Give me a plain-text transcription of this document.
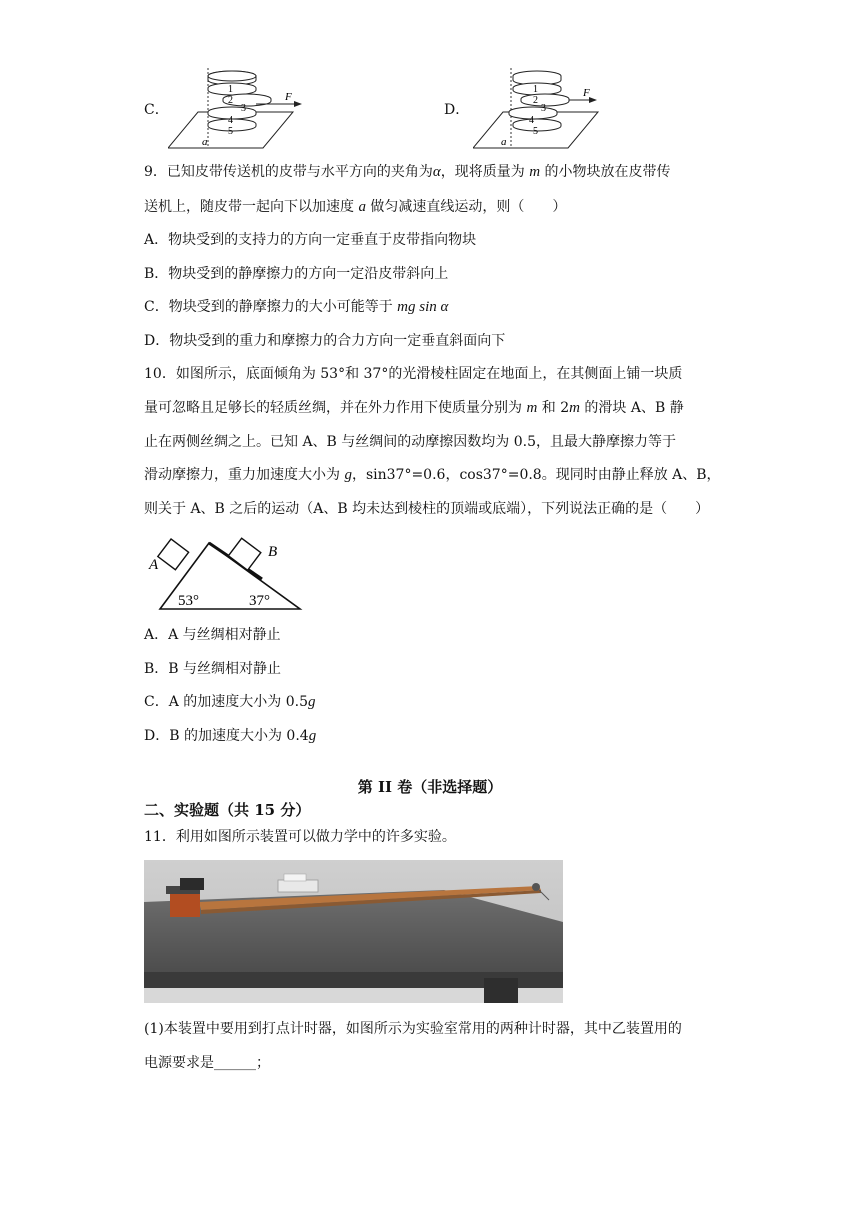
C．
1
2
3
4
5
F
a
D．
1
2
3
4
5
F
a
9．已知皮带传送机的皮带与水平方向的夹角为α，现将质量为 m 的小物块放在皮带传
送机上，随皮带一起向下以加速度 a 做匀减速直线运动，则（　　）
A．物块受到的支持力的方向一定垂直于皮带指向物块
B．物块受到的静摩擦力的方向一定沿皮带斜向上
C．物块受到的静摩擦力的大小可能等于 mg sin α
D．物块受到的重力和摩擦力的合力方向一定垂直斜面向下
10．如图所示，底面倾角为 53°和 37°的光滑棱柱固定在地面上，在其侧面上铺一块质
量可忽略且足够长的轻质丝绸，并在外力作用下使质量分别为 m 和 2m 的滑块 A、B 静
止在两侧丝绸之上。已知 A、B 与丝绸间的动摩擦因数均为 0.5，且最大静摩擦力等于
滑动摩擦力，重力加速度大小为 g，sin37°=0.6，cos37°=0.8。现同时由静止释放 A、B，
则关于 A、B 之后的运动（A、B 均未达到棱柱的顶端或底端），下列说法正确的是（　　）
A
B
53°	37°
A．A 与丝绸相对静止
B．B 与丝绸相对静止
C．A 的加速度大小为 0.5g
D．B 的加速度大小为 0.4g
第 II 卷（非选择题）
二、实验题（共 15 分）
11．利用如图所示装置可以做力学中的许多实验。
(1)本装置中要用到打点计时器，如图所示为实验室常用的两种计时器，其中乙装置用的
电源要求是______；
